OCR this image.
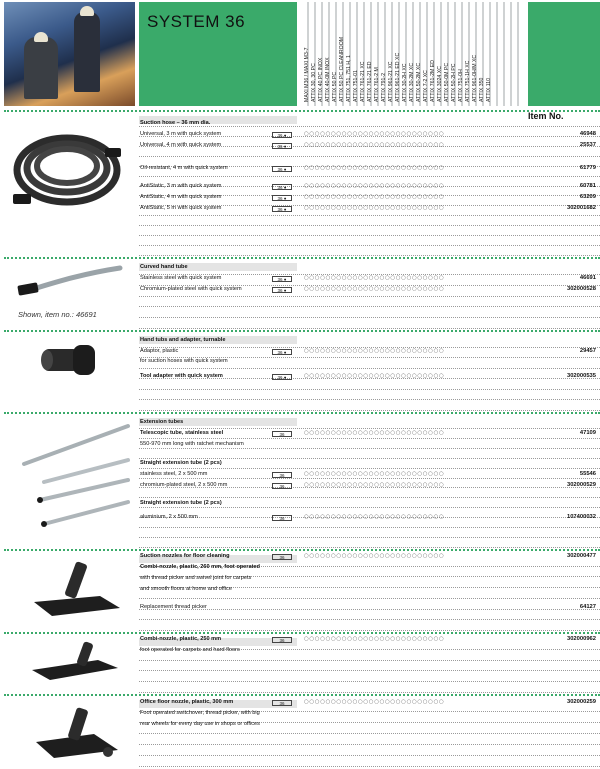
SYSTEM 36
MAXI M36 / MAXI M3-7 ATTIX 30, 30 PC ATTIX 40 PC INOX ATTIX 40-0M INOX ATTIX 50 PC ATTIX 50 PC CLEANROOM ATTIX 751, 751 H, 1 ATTIX 751-01 ATTIX 761-21 XC ATTIX 761-21 ED ATTIX 761-2 M ATTIX 791-2 ATTIX 961-21 XC ATTIX 961-21 ED XC ATTIX 30-2H XC ATTIX 30-2M XC ATTIX 50-2M XC ATTIX 7-2 XC ATTIX 761-2M ED ATTIX 3024 XC ATTIX 50-0M PC ATTIX 50-2H PC ATTIX 751-0H ATTIX 751-1H XC ATTIX 961-0H/M XC ATTIX 350 ATTIX 110
Item No.
Shown, item no.: 46691
Suction hose – 36 mm dia.
Universal, 3 m with quick system	36 ●	○○○○○○○○○○○○○○○○○○○○○○○○○○	46948
Universal, 4 m with quick system	36 ●	○○○○○○○○○○○○○○○○○○○○○○○○○○	25537
Oil-resistant, 4 m with quick system	36 ●	○○○○○○○○○○○○○○○○○○○○○○○○○○	61779
AntiStatic, 3 m with quick system	36 ●	○○○○○○○○○○○○○○○○○○○○○○○○○○	60781
AntiStatic, 4 m with quick system	36 ●	○○○○○○○○○○○○○○○○○○○○○○○○○○	63209
AntiStatic, 5 m with quick system	36 ●	○○○○○○○○○○○○○○○○○○○○○○○○○○	302001682
Curved hand tube
Stainless steel with quick system	36 ●	○○○○○○○○○○○○○○○○○○○○○○○○○○	46691
Chromium-plated steel with quick system	36 ●	○○○○○○○○○○○○○○○○○○○○○○○○○○	302000528
Hand tubs and adapter, turnable
Adaptor, plastic	36 ●	○○○○○○○○○○○○○○○○○○○○○○○○○○	29457
for suction hoses with quick system
Tool adapter with quick system	36 ●	○○○○○○○○○○○○○○○○○○○○○○○○○○	302000535
Extension tubes
Telescopic tube, stainless steel	36	○○○○○○○○○○○○○○○○○○○○○○○○○○	47109
550-970 mm long with ratchet mechanism
Straight extension tube (2 pcs)
stainless steel, 2 x 500 mm	36	○○○○○○○○○○○○○○○○○○○○○○○○○○	55546
chromium-plated steel, 2 x 500 mm	36	○○○○○○○○○○○○○○○○○○○○○○○○○○	302000529
Straight extension tube (2 pcs)
aluminium, 2 x 500 mm	36	○○○○○○○○○○○○○○○○○○○○○○○○○○	107400032
Suction nozzles for floor cleaning	36	○○○○○○○○○○○○○○○○○○○○○○○○○○	302000477
Combi-nozzle, plastic, 260 mm, foot operated
with thread picker and swivel joint for carpets
and smooth floors at home and office
Replacement thread picker	64127
Combi-nozzle, plastic, 250 mm	36	○○○○○○○○○○○○○○○○○○○○○○○○○○	302000962
foot operated for carpets and hard floors
Office floor nozzle, plastic, 300 mm	36	○○○○○○○○○○○○○○○○○○○○○○○○○○	302000259
Foot operated switchover, thread picker, with big
rear wheels for every day use in shops or offices
